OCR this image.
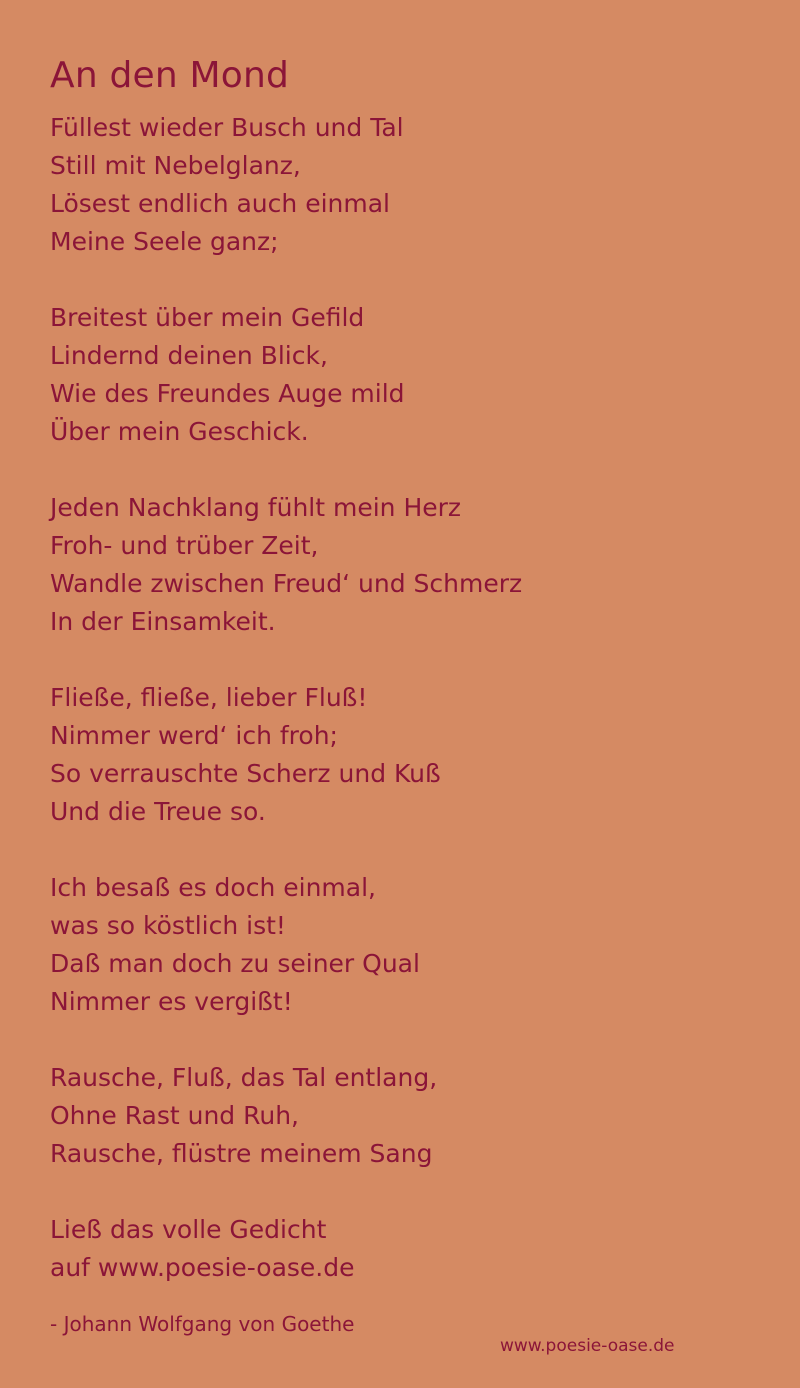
An den Mond
Füllest wieder Busch und Tal
Still mit Nebelglanz,
Lösest endlich auch einmal
Meine Seele ganz;
Breitest über mein Gefild
Lindernd deinen Blick,
Wie des Freundes Auge mild
Über mein Geschick.
Jeden Nachklang fühlt mein Herz
Froh- und trüber Zeit,
Wandle zwischen Freud‘ und Schmerz
In der Einsamkeit.
Fließe, fließe, lieber Fluß!
Nimmer werd‘ ich froh;
So verrauschte Scherz und Kuß
Und die Treue so.
Ich besaß es doch einmal,
was so köstlich ist!
Daß man doch zu seiner Qual
Nimmer es vergißt!
Rausche, Fluß, das Tal entlang,
Ohne Rast und Ruh,
Rausche, flüstre meinem Sang
Ließ das volle Gedicht
auf www.poesie-oase.de
- Johann Wolfgang von Goethe
www.poesie-oase.de
